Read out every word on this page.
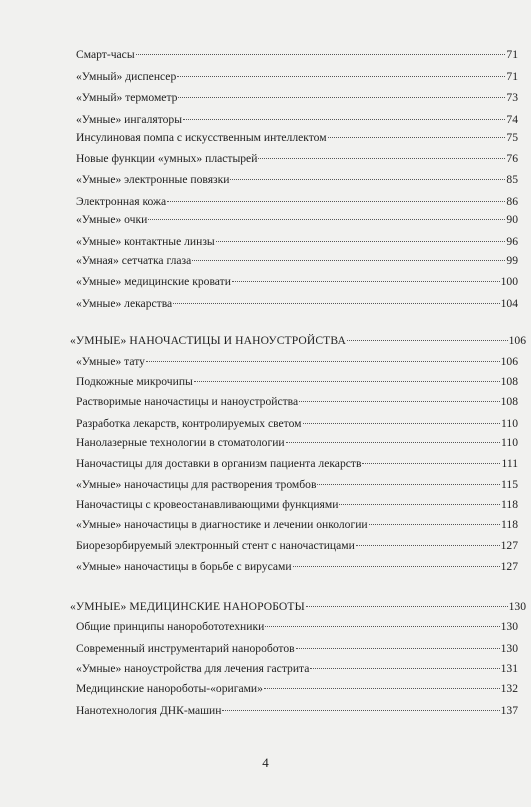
Смарт-часы	71
«Умный» диспенсер	71
«Умный» термометр	73
«Умные» ингаляторы	74
Инсулиновая помпа с искусственным интеллектом	75
Новые функции «умных» пластырей	76
«Умные» электронные повязки	85
Электронная кожа	86
«Умные» очки	90
«Умные» контактные линзы	96
«Умная» сетчатка глаза	99
«Умные» медицинские кровати	100
«Умные» лекарства	104
«УМНЫЕ» НАНОЧАСТИЦЫ И НАНОУСТРОЙСТВА	106
«Умные» тату	106
Подкожные микрочипы	108
Растворимые наночастицы и наноустройства	108
Разработка лекарств, контролируемых светом	110
Нанолазерные технологии в стоматологии	110
Наночастицы для доставки в организм пациента лекарств	111
«Умные» наночастицы для растворения тромбов	115
Наночастицы с кровеостанавливающими функциями	118
«Умные» наночастицы в диагностике и лечении онкологии	118
Биорезорбируемый электронный стент с наночастицами	127
«Умные» наночастицы в борьбе с вирусами	127
«УМНЫЕ» МЕДИЦИНСКИЕ НАНОРОБОТЫ	130
Общие принципы наноробототехники	130
Современный инструментарий нанороботов	130
«Умные» наноустройства для лечения гастрита	131
Медицинские нанороботы-«оригами»	132
Нанотехнология ДНК-машин	137
4
